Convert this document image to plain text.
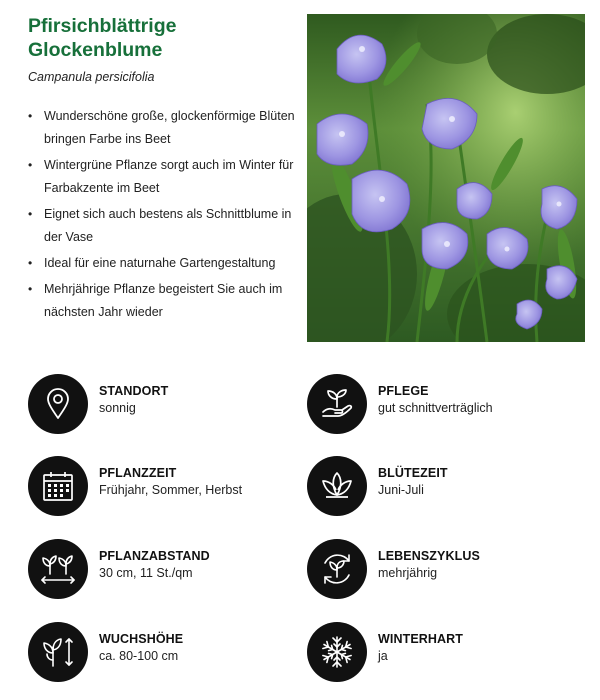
Pfirsichblättrige Glockenblume
Campanula persicifolia
• Wunderschöne große, glockenförmige Blüten bringen Farbe ins Beet
• Wintergrüne Pflanze sorgt auch im Winter für Farbakzente im Beet
• Eignet sich auch bestens als Schnittblume in der Vase
• Ideal für eine naturnahe Gartengestaltung
• Mehrjährige Pflanze begeistert Sie auch im nächsten Jahr wieder
STANDORT
sonnig
PFLEGE
gut schnittverträglich
PFLANZZEIT
Frühjahr, Sommer, Herbst
BLÜTEZEIT
Juni-Juli
PFLANZABSTAND
30 cm, 11 St./qm
LEBENSZYKLUS
mehrjährig
WUCHSHÖHE
ca. 80-100 cm
WINTERHART
ja
